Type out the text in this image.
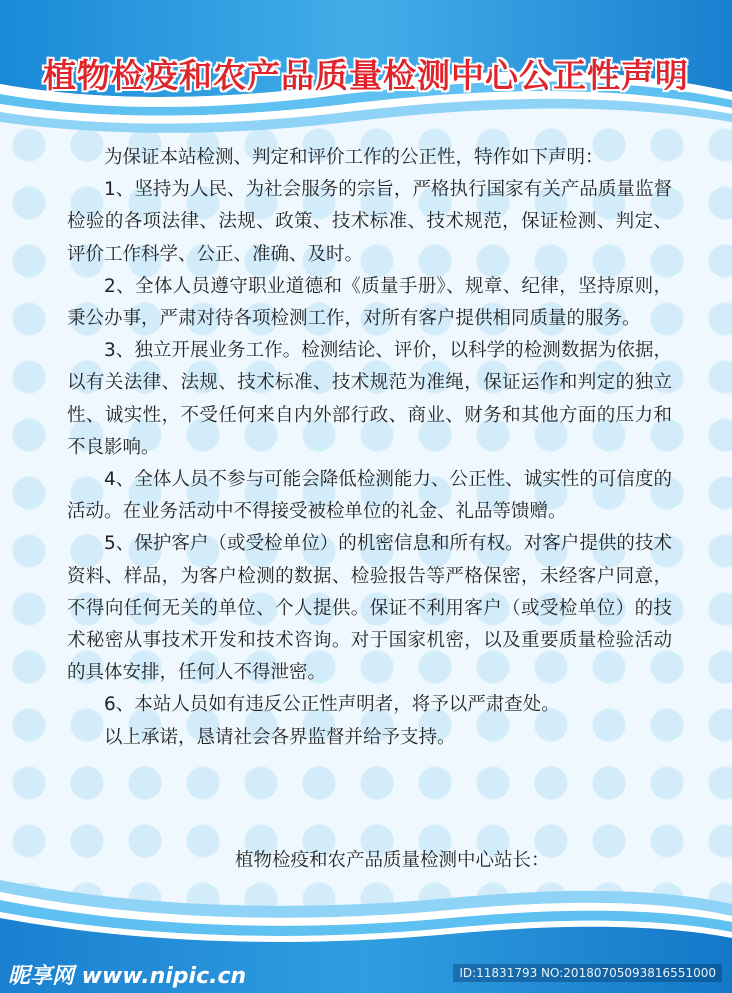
植物检疫和农产品质量检测中心公正性声明

为保证本站检测、判定和评价工作的公正性，特作如下声明：

1、坚持为人民、为社会服务的宗旨，严格执行国家有关产品质量监督检验的各项法律、法规、政策、技术标准、技术规范，保证检测、判定、评价工作科学、公正、准确、及时。

2、全体人员遵守职业道德和《质量手册》、规章、纪律，坚持原则，秉公办事，严肃对待各项检测工作，对所有客户提供相同质量的服务。

3、独立开展业务工作。检测结论、评价，以科学的检测数据为依据，以有关法律、法规、技术标准、技术规范为准绳，保证运作和判定的独立性、诚实性，不受任何来自内外部行政、商业、财务和其他方面的压力和不良影响。

4、全体人员不参与可能会降低检测能力、公正性、诚实性的可信度的活动。在业务活动中不得接受被检单位的礼金、礼品等馈赠。

5、保护客户（或受检单位）的机密信息和所有权。对客户提供的技术资料、样品，为客户检测的数据、检验报告等严格保密，未经客户同意，不得向任何无关的单位、个人提供。保证不利用客户（或受检单位）的技术秘密从事技术开发和技术咨询。对于国家机密，以及重要质量检验活动的具体安排，任何人不得泄密。

6、本站人员如有违反公正性声明者，将予以严肃查处。

以上承诺，恳请社会各界监督并给予支持。

植物检疫和农产品质量检测中心站长：
昵享网 www.nipic.cn	ID:11831793 NO:20180705093816551000
